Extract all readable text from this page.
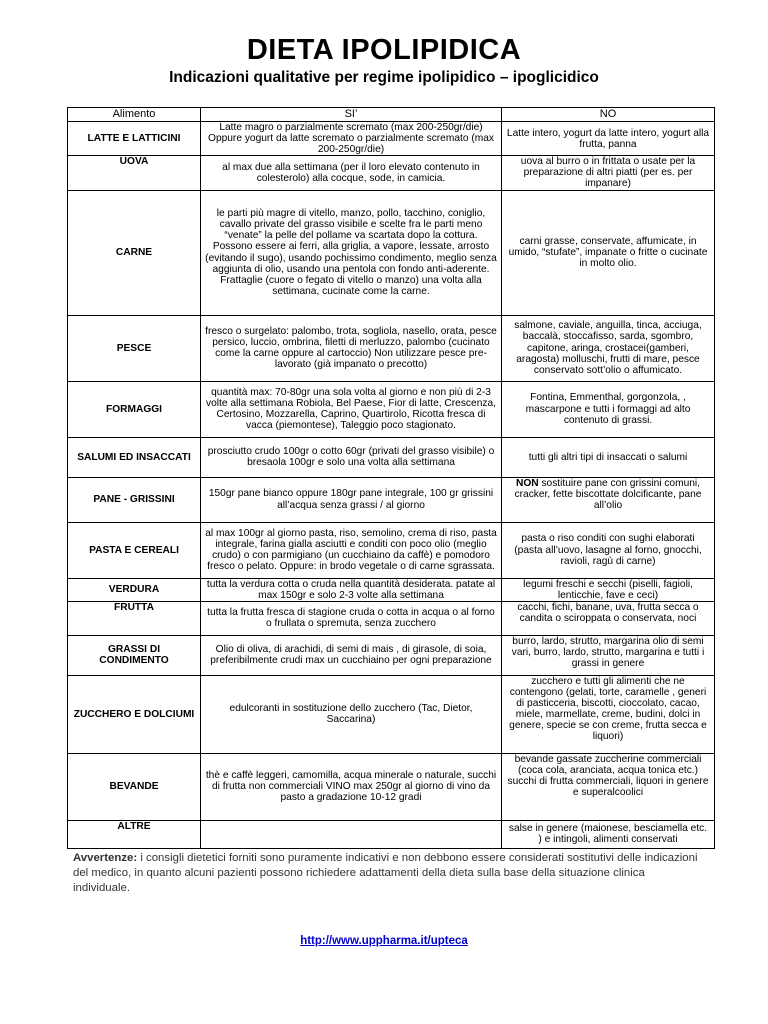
DIETA IPOLIPIDICA
Indicazioni qualitative per regime ipolipidico – ipoglicidico
Alimento	SI’	NO
LATTE E LATTICINI	Latte magro o parzialmente scremato (max 200-250gr/die) Oppure yogurt da latte scremato o parzialmente scremato (max 200-250gr/die)	Latte intero, yogurt da latte intero, yogurt alla frutta, panna
UOVA	al max due alla settimana (per il loro elevato contenuto in colesterolo) alla cocque, sode, in camicia.	uova al burro o in frittata o usate per la preparazione di altri piatti (per es. per impanare)
CARNE	le parti più magre di vitello, manzo, pollo, tacchino, coniglio, cavallo private del grasso visibile e scelte fra le parti meno “venate” la pelle del pollame va scartata dopo la cottura. Possono essere ai ferri, alla griglia, a vapore, lessate, arrosto (evitando il sugo), usando pochissimo condimento, meglio senza aggiunta di olio, usando una pentola con fondo anti-aderente. Frattaglie (cuore o fegato di vitello o manzo) una volta alla settimana, cucinate come la carne.	carni grasse, conservate, affumicate, in umido, “stufate”, impanate o fritte o cucinate in molto olio.
PESCE	fresco o surgelato: palombo, trota, sogliola, nasello, orata, pesce persico, luccio, ombrina, filetti di merluzzo, palombo (cucinato come la carne oppure al cartoccio) Non utilizzare pesce pre-lavorato (già impanato o precotto)	salmone, caviale, anguilla, tinca, acciuga, baccalà, stoccafisso, sarda, sgombro, capitone, aringa, crostacei(gamberi, aragosta) molluschi, frutti di mare, pesce conservato sott’olio o affumicato.
FORMAGGI	quantità max: 70-80gr una sola volta al giorno e non più di 2-3 volte alla settimana Robiola, Bel Paese, Fior di latte, Crescenza, Certosino, Mozzarella, Caprino, Quartirolo, Ricotta fresca di vacca (piemontese), Taleggio poco stagionato.	Fontina, Emmenthal, gorgonzola, , mascarpone e tutti i formaggi ad alto contenuto di grassi.
SALUMI ED INSACCATI	prosciutto crudo 100gr o cotto 60gr (privati del grasso visibile) o bresaola 100gr e solo una volta alla settimana	tutti gli altri tipi di insaccati o salumi
PANE - GRISSINI	150gr pane bianco oppure 180gr pane integrale, 100 gr grissini all’acqua senza grassi / al giorno	NON sostituire pane con grissini comuni, cracker, fette biscottate dolcificante, pane all’olio
PASTA E CEREALI	al max 100gr al giorno pasta, riso, semolino, crema di riso, pasta integrale, farina gialla asciutti e conditi con poco olio (meglio crudo) o con parmigiano (un cucchiaino da caffè) e pomodoro fresco o pelato. Oppure: in brodo vegetale o di carne sgrassata.	pasta o riso conditi con sughi elaborati (pasta all’uovo, lasagne al forno, gnocchi, ravioli, ragù di carne)
VERDURA	tutta la verdura cotta o cruda nella quantità desiderata. patate al max 150gr e solo 2-3 volte alla settimana	legumi freschi e secchi (piselli, fagioli, lenticchie, fave e ceci)
FRUTTA	tutta la frutta fresca di stagione cruda o cotta in acqua o al forno o frullata o spremuta, senza zucchero	cacchi, fichi, banane, uva, frutta secca o candita o sciroppata o conservata, noci
GRASSI DI CONDIMENTO	Olio di oliva, di arachidi, di semi di mais , di girasole, di soia, preferibilmente crudi max un cucchiaino per ogni preparazione	burro, lardo, strutto, margarina olio di semi vari, burro, lardo, strutto, margarina e tutti i grassi in genere
ZUCCHERO E DOLCIUMI	edulcoranti in sostituzione dello zucchero (Tac, Dietor, Saccarina)	zucchero e tutti gli alimenti che ne contengono (gelati, torte, caramelle , generi di pasticceria, biscotti, cioccolato, cacao, miele, marmellate, creme, budini, dolci in genere, specie se con creme, frutta secca e liquori)
BEVANDE	thè e caffè leggeri, camomilla, acqua minerale o naturale, succhi di frutta non commerciali VINO max 250gr al giorno di vino da pasto a gradazione 10-12 gradi	bevande gassate zuccherine commerciali (coca cola, aranciata, acqua tonica etc.) succhi di frutta commerciali, liquori in genere e superalcoolici
ALTRE		salse in genere (maionese, besciamella etc. ) e intingoli, alimenti conservati
Avvertenze: i consigli dietetici forniti sono puramente indicativi e non debbono essere considerati sostitutivi delle indicazioni del medico, in quanto alcuni pazienti possono richiedere adattamenti della dieta sulla base della situazione clinica individuale.
http://www.uppharma.it/upteca
